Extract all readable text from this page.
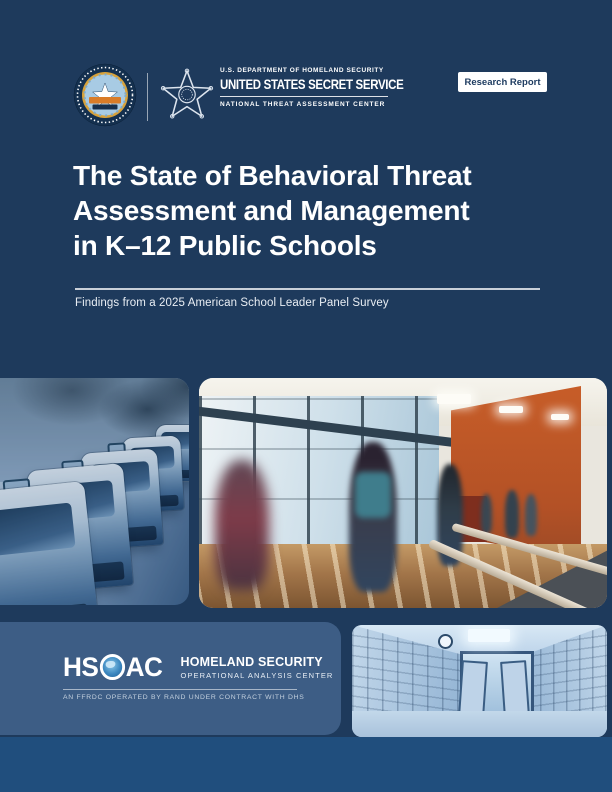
U.S. DEPARTMENT OF HOMELAND SECURITY
UNITED STATES SECRET SERVICE
NATIONAL THREAT ASSESSMENT CENTER
Research Report
The State of Behavioral Threat
Assessment and Management
in K–12 Public Schools

Findings from a 2025 American School Leader Panel Survey

HS AC HOMELAND SECURITY
OPERATIONAL ANALYSIS CENTER
AN FFRDC OPERATED BY RAND UNDER CONTRACT WITH DHS
